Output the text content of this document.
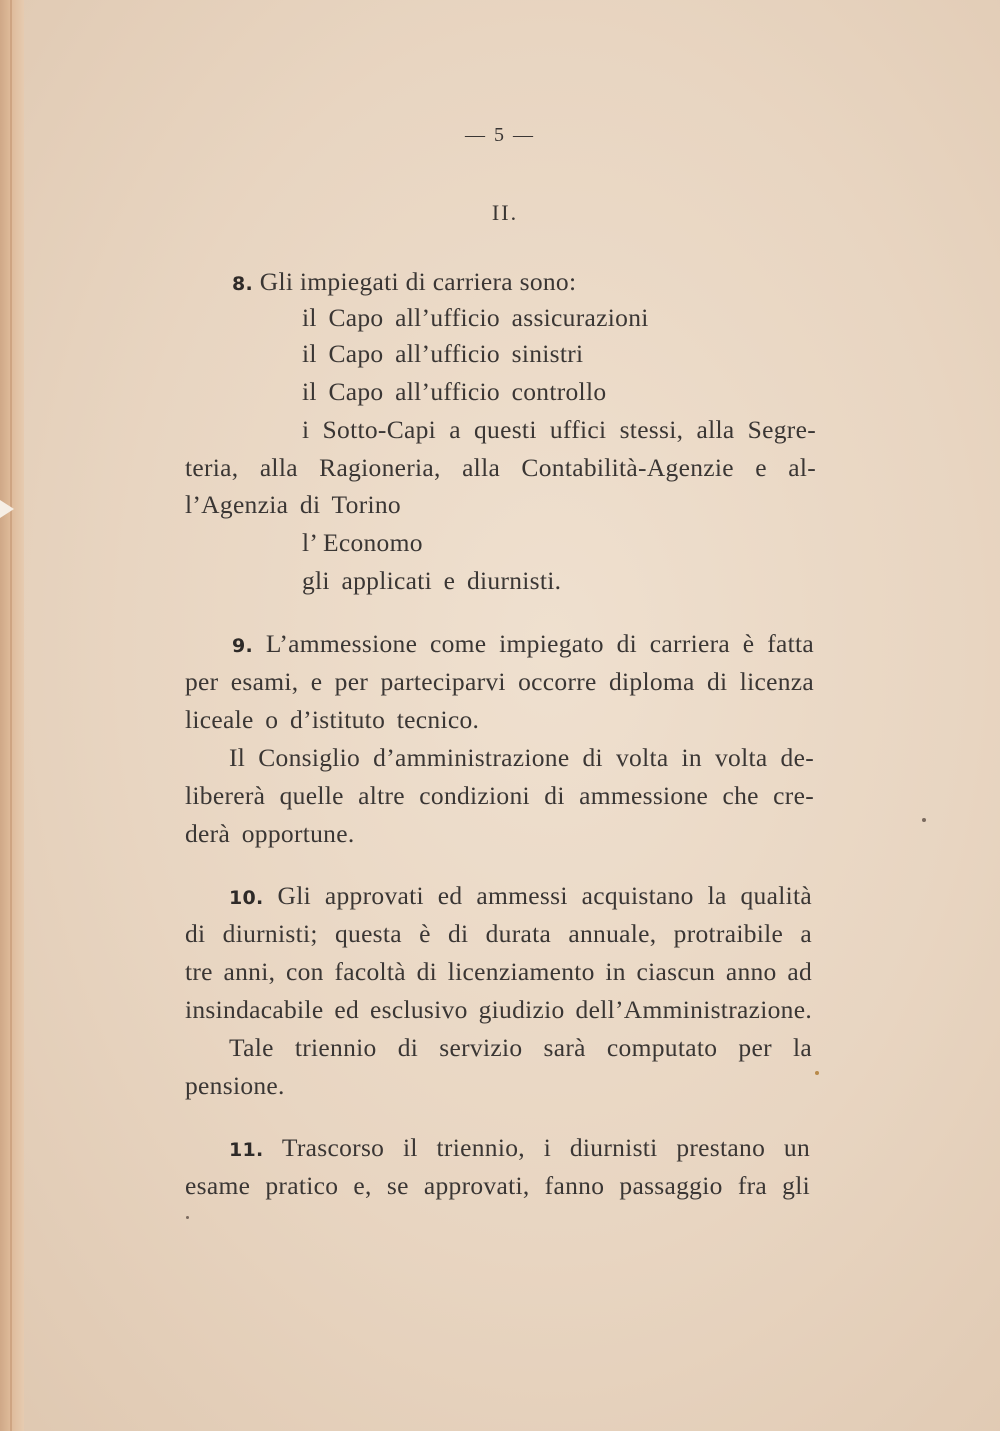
— 5 —
II.
8. Gli impiegati di carriera sono:
il Capo all’ufficio assicurazioni
il Capo all’ufficio sinistri
il Capo all’ufficio controllo
i Sotto-Capi a questi uffici stessi, alla Segre-
teria, alla Ragioneria, alla Contabilità-Agenzie e al-
l’Agenzia di Torino
l’ Economo
gli applicati e diurnisti.
9. L’ammessione come impiegato di carriera è fatta
per esami, e per parteciparvi occorre diploma di licenza
liceale o d’istituto tecnico.
Il Consiglio d’amministrazione di volta in volta de-
libererà quelle altre condizioni di ammessione che cre-
derà opportune.
10. Gli approvati ed ammessi acquistano la qualità
di diurnisti; questa è di durata annuale, protraibile a
tre anni, con facoltà di licenziamento in ciascun anno ad
insindacabile ed esclusivo giudizio dell’Amministrazione.
Tale triennio di servizio sarà computato per la
pensione.
11. Trascorso il triennio, i diurnisti prestano un
esame pratico e, se approvati, fanno passaggio fra gli
